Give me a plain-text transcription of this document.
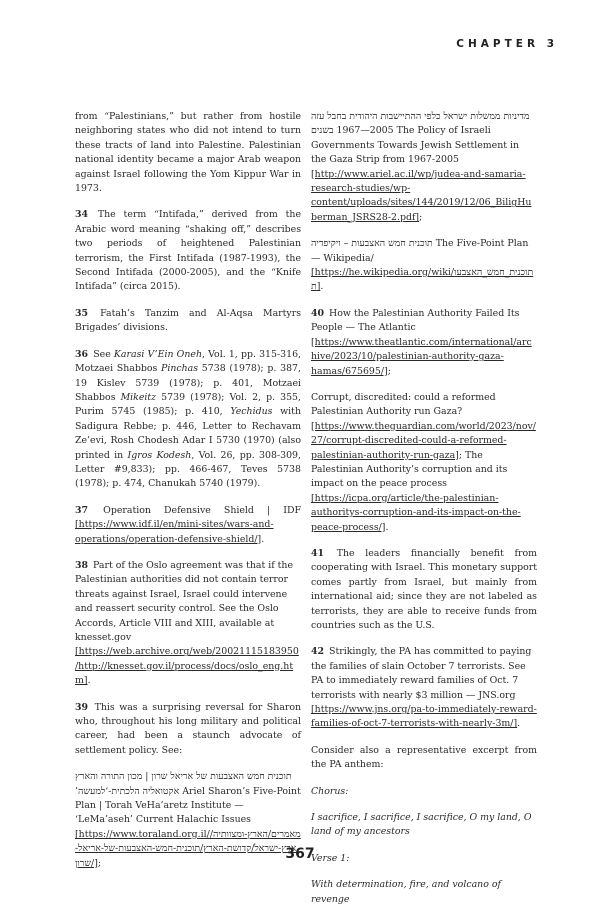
CHAPTER 3

from “Palestinians,” but rather from hostile neighboring states who did not intend to turn these tracts of land into Palestine. Palestinian national identity became a major Arab weapon against Israel following the Yom Kippur War in 1973.

34 The term “Intifada,” derived from the Arabic word meaning “shaking off,” describes two periods of heightened Palestinian terrorism, the First Intifada (1987-1993), the Second Intifada (2000-2005), and the “Knife Intifada” (circa 2015).

35 Fatah’s Tanzim and Al-Aqsa Martyrs Brigades’ divisions.

36 See Karasi V’Ein Oneh, Vol. 1, pp. 315-316, Motzaei Shabbos Pinchas 5738 (1978); p. 387, 19 Kislev 5739 (1978); p. 401, Motzaei Shabbos Mikeitz 5739 (1978); Vol. 2, p. 355, Purim 5745 (1985); p. 410, Yechidus with Sadigura Rebbe; p. 446, Letter to Rechavam Ze’evi, Rosh Chodesh Adar I 5730 (1970) (also printed in Igros Kodesh, Vol. 26, pp. 308-309, Letter #9,833); pp. 466-467, Teves 5738 (1978); p. 474, Chanukah 5740 (1979).

37 Operation Defensive Shield | IDF [https://www.idf.il/en/mini-sites/wars-and-operations/operation-defensive-shield/].

38 Part of the Oslo agreement was that if the Palestinian authorities did not contain terror threats against Israel, Israel could intervene and reassert security control. See the Oslo Accords, Article VIII and XIII, available at knesset.gov [https://web.archive.org/web/20021115183950/http://knesset.gov.il/process/docs/oslo_eng.htm].

39 This was a surprising reversal for Sharon who, throughout his long military and political career, had been a staunch advocate of settlement policy. See:

תוכנית חמש האצבעות של אריאל שרון | מכון התורה והארץ אקטואליה הלכתית-‘למעשה’ Ariel Sharon’s Five-Point Plan | Torah VeHa’aretz Institute — ‘LeMa’aseh’ Current Halachic Issues [https://www.toraland.org.il/מאמרים/הארץ-ומצוותיה/ארץ-ישראל/קדושת-הארץ/תוכנית-חמש-האצבעות-של-אריאל-שרון/];

מדיניות ממשלות ישראל כלפי ההתיישבות היהודית בחבל עזה בשנים 1967—2005 The Policy of Israeli Governments Towards Jewish Settlement in the Gaza Strip from 1967-2005 [http://www.ariel.ac.il/wp/judea-and-samaria-research-studies/wp-content/uploads/sites/144/2019/12/06_BiligHuberman_JSRS28-2.pdf];

תוכנית חמש האצבעות – ויקיפדיה The Five-Point Plan — Wikipedia/ [https://he.wikipedia.org/wiki/תוכנית_חמש_האצבעות].

40 How the Palestinian Authority Failed Its People — The Atlantic [https://www.theatlantic.com/international/archive/2023/10/palestinian-authority-gaza-hamas/675695/];

Corrupt, discredited: could a reformed Palestinian Authority run Gaza? [https://www.theguardian.com/world/2023/nov/27/corrupt-discredited-could-a-reformed-palestinian-authority-run-gaza]; The Palestinian Authority’s corruption and its impact on the peace process [https://icpa.org/article/the-palestinian-authoritys-corruption-and-its-impact-on-the-peace-process/].

41 The leaders financially benefit from cooperating with Israel. This monetary support comes partly from Israel, but mainly from international aid; since they are not labeled as terrorists, they are able to receive funds from countries such as the U.S.

42 Strikingly, the PA has committed to paying the families of slain October 7 terrorists. See PA to immediately reward families of Oct. 7 terrorists with nearly $3 million — JNS.org [https://www.jns.org/pa-to-immediately-reward-families-of-oct-7-terrorists-with-nearly-3m/].

Consider also a representative excerpt from the PA anthem:

Chorus:

I sacrifice, I sacrifice, I sacrifice, O my land, O land of my ancestors

Verse 1:

With determination, fire, and volcano of revenge

367
